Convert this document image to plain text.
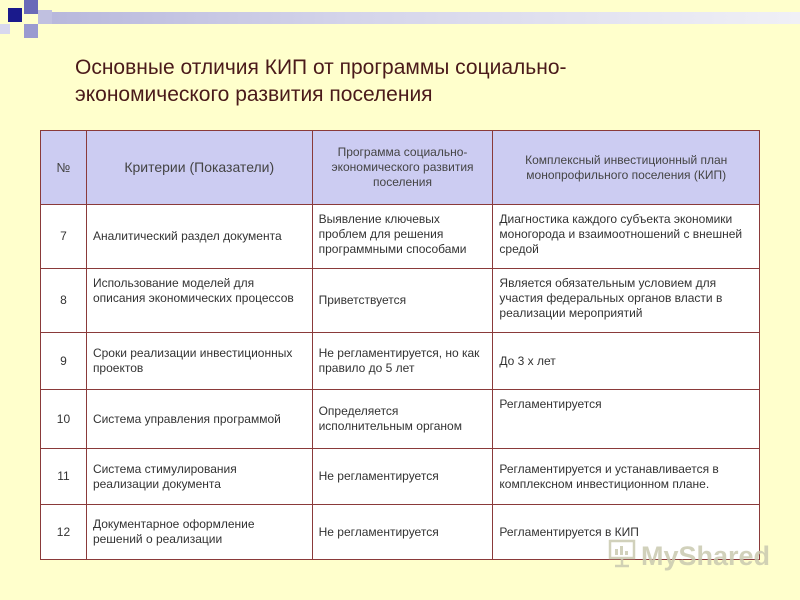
Основные отличия КИП от программы социально-экономического развития поселения
№	Критерии (Показатели)	Программа социально-экономического развития поселения	Комплексный инвестиционный план монопрофильного поселения (КИП)
7	Аналитический раздел документа	Выявление ключевых проблем для решения программными способами	Диагностика каждого субъекта экономики моногорода и взаимоотношений с внешней средой
8	Использование моделей для описания экономических процессов	Приветствуется	Является обязательным условием для участия федеральных органов власти в реализации мероприятий
9	Сроки реализации инвестиционных проектов	Не регламентируется, но как правило до 5 лет	До 3 х лет
10	Система управления программой	Определяется исполнительным органом	Регламентируется
11	Система стимулирования реализации документа	Не регламентируется	Регламентируется и устанавливается в комплексном инвестиционном плане.
12	Документарное оформление решений о реализации	Не регламентируется	Регламентируется в КИП
MyShared
